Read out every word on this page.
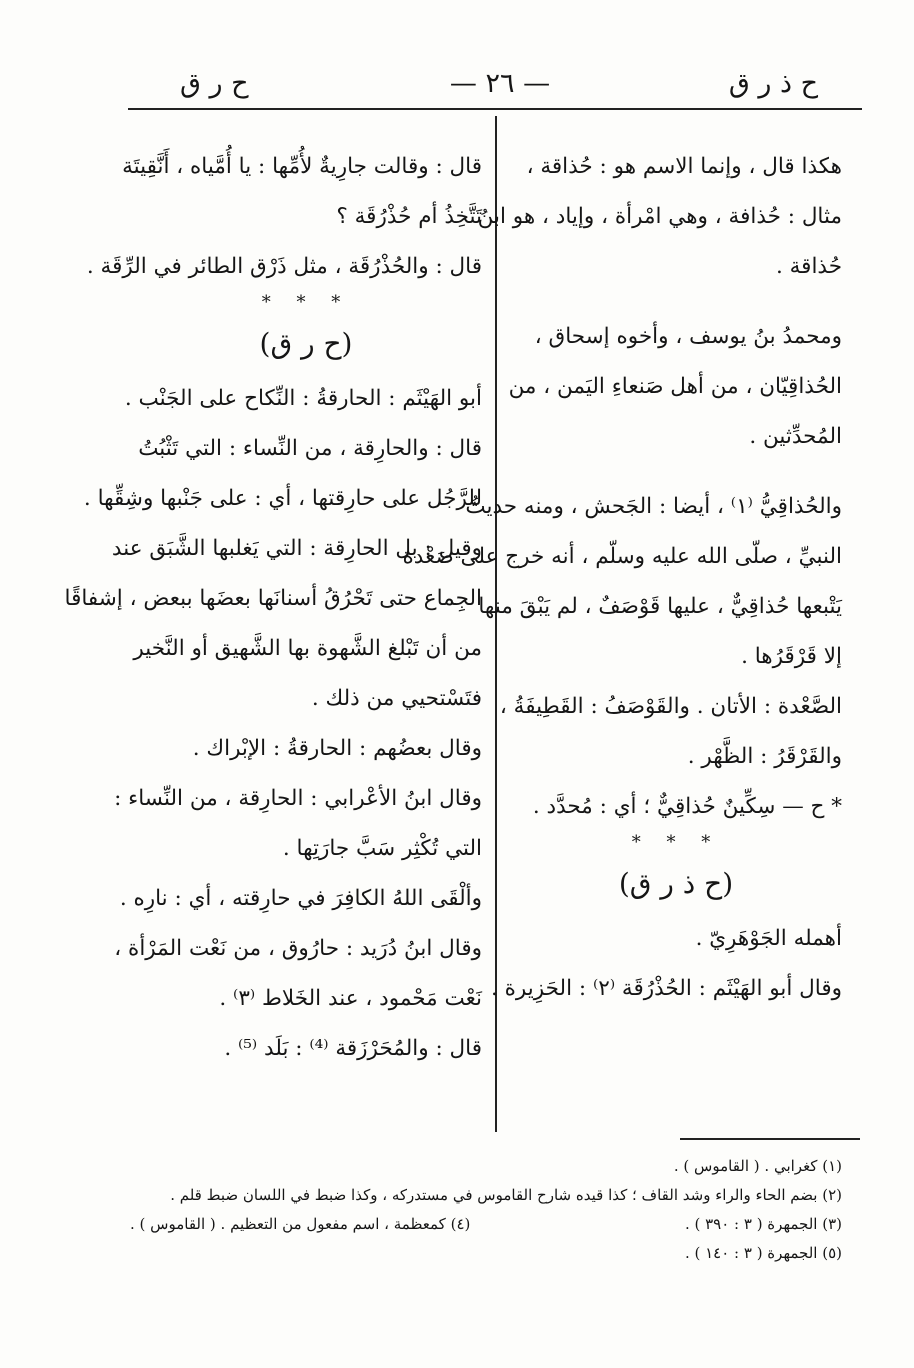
ح ذ ر ق
— ٢٦ —
ح ر ق
هكذا قال ، وإنما الاسم هو : حُذاقة ،
مثال : حُذافة ، وهي امْرأة ، وإياد ، هو ابنُ
حُذاقة .
ومحمدُ بنُ يوسف ، وأخوه إسحاق ،
الحُذاقِيّان ، من أهل صَنعاءِ اليَمن ، من
المُحدِّثين .
والحُذاقِيُّ ⁽١⁾ ، أيضا : الجَحش ، ومنه حديثُ
النبيِّ ، صلّى الله عليه وسلّم ، أنه خرج على صَعْدة
يَتْبعها حُذاقِيٌّ ، عليها قَوْصَفٌ ، لم يَبْقَ منها
إلا قَرْقَرُها .
الصَّعْدة : الأتان . والقَوْصَفُ : القَطِيفَةُ ،
والقَرْقَرُ : الظَّهْر .
* ح — سِكِّينٌ حُذاقِيٌّ ؛ أي : مُحدَّد .
* * *
(ح ذ ر ق)
أهمله الجَوْهَرِيّ .
وقال أبو الهَيْثَم : الحُذْرُقَة ⁽٢⁾ : الحَزِيرة .
قال : وقالت جارِيةٌ لأُمِّها : يا أُمَّياه ، أَنَّقِيتَة
تَتَّخِذُ أم حُذْرُقَة ؟
قال : والحُذْرُقَة ، مثل ذَرْق الطائر في الرِّقَة .
* * *
(ح ر ق)
أبو الهَيْثَم : الحارقةُ : النِّكاح على الجَنْب .
قال : والحارِقة ، من النِّساء : التي تَثْبُتُ
للرَّجُل على حارِقتها ، أي : على جَنْبها وشِقِّها .
وقيل : بل الحارِقة : التي يَغلبها الشَّبَق عند
الجِماع حتى تَحْرُقُ أسنانَها بعضَها ببعض ، إشفاقًا
من أن تَبْلغ الشَّهوة بها الشَّهيق أو النَّخير
فتَسْتحيي من ذلك .
وقال بعضُهم : الحارقةُ : الإبْراك .
وقال ابنُ الأعْرابي : الحارِقة ، من النِّساء :
التي تُكْثِر سَبَّ جارَتِها .
وألْقَى اللهُ الكافِرَ في حارِقته ، أي : نارِه .
وقال ابنُ دُرَيد : حارُوق ، من نَعْت المَرْأة ،
نَعْت مَحْمود ، عند الخَلاط ⁽٣⁾ .
قال : والمُحَرْزَقة ⁽⁴⁾ : بَلَد ⁽⁵⁾ .
(١) كغرابي . ( القاموس ) .
(٢) بضم الحاء والراء وشد القاف ؛ كذا قيده شارح القاموس في مستدركه ، وكذا ضبط في اللسان ضبط قلم .
(٣) الجمهرة ( ٣ : ٣٩٠ ) .
(٤) كمعظمة ، اسم مفعول من التعظيم . ( القاموس ) .
(٥) الجمهرة ( ٣ : ١٤٠ ) .
